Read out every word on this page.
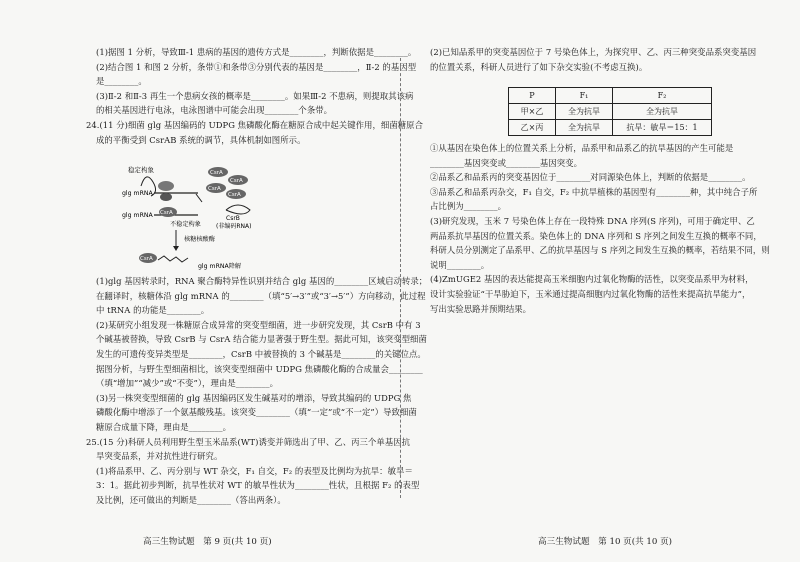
(1)据图 1 分析，导致Ⅲ-1 患病的基因的遗传方式是________，判断依据是________。
(2)结合图 1 和图 2 分析，条带①和条带③分别代表的基因是________，Ⅱ-2 的基因型
是________。
(3)Ⅱ-2 和Ⅱ-3 再生一个患病女孩的概率是________。如果Ⅲ-2 不患病，则提取其该病
的相关基因进行电泳，电泳图谱中可能会出现________个条带。
24.(11 分)细菌 glg 基因编码的 UDPG 焦磷酸化酶在糖原合成中起关键作用，细菌糖原合
成的平衡受到 CsrAB 系统的调节，具体机制如图所示。
稳定构象
glg mRNA
CsrA
CsrA
CsrA
CsrA
glg mRNA CsrA
不稳定构象
CsrB
(非编码RNA)
核糖核酸酶
CsrA
glg mRNA降解
(1)glg 基因转录时，RNA 聚合酶特异性识别并结合 glg 基因的________区域启动转录；
在翻译时，核糖体沿 glg mRNA 的________（填“5′→3′”或“3′→5′”）方向移动，此过程
中 tRNA 的功能是________。
(2)某研究小组发现一株糖原合成异常的突变型细菌，进一步研究发现，其 CsrB 中有 3
个碱基被替换，导致 CsrB 与 CsrA 结合能力显著强于野生型。据此可知，该突变型细菌
发生的可遗传变异类型是________，CsrB 中被替换的 3 个碱基是________的关键位点。
据图分析，与野生型细菌相比，该突变型细菌中 UDPG 焦磷酸化酶的合成量会________
（填“增加”“减少”或“不变”），理由是________。
(3)另一株突变型细菌的 glg 基因编码区发生碱基对的增添，导致其编码的 UDPG 焦
磷酸化酶中增添了一个氨基酸残基。该突变________（填“一定”或“不一定”）导致细菌
糖原合成量下降，理由是________。
25.(15 分)科研人员利用野生型玉米品系(WT)诱变并筛选出了甲、乙、丙三个单基因抗
旱突变品系，并对抗性进行研究。
(1)将品系甲、乙、丙分别与 WT 杂交，F₁ 自交，F₂ 的表型及比例均为抗旱：敏旱＝
3：1。据此初步判断，抗旱性状对 WT 的敏旱性状为________性状，且根据 F₂ 的表型
及比例，还可做出的判断是________（答出两条）。
高三生物试题　第 9 页(共 10 页)
(2)已知品系甲的突变基因位于 7 号染色体上，为探究甲、乙、丙三种突变品系突变基因
的位置关系，科研人员进行了如下杂交实验(不考虑互换)。
P	F₁	F₂
甲×乙	全为抗旱	全为抗旱
乙×丙	全为抗旱	抗旱：敏旱＝15：1
①从基因在染色体上的位置关系上分析，品系甲和品系乙的抗旱基因的产生可能是
________基因突变或________基因突变。
②品系乙和品系丙的突变基因位于________对同源染色体上，判断的依据是________。
③品系乙和品系丙杂交，F₁ 自交，F₂ 中抗旱植株的基因型有________种，其中纯合子所
占比例为________。
(3)研究发现，玉米 7 号染色体上存在一段特殊 DNA 序列(S 序列)，可用于确定甲、乙
两品系抗旱基因的位置关系。染色体上的 DNA 序列和 S 序列之间发生互换的概率不同，
科研人员分别测定了品系甲、乙的抗旱基因与 S 序列之间发生互换的概率，若结果不同，则
说明________。
(4)ZmUGE2 基因的表达能提高玉米细胞内过氧化物酶的活性，以突变品系甲为材料，
设计实验验证“干旱胁迫下，玉米通过提高细胞内过氧化物酶的活性来提高抗旱能力”，
写出实验思路并预期结果。
高三生物试题　第 10 页(共 10 页)
